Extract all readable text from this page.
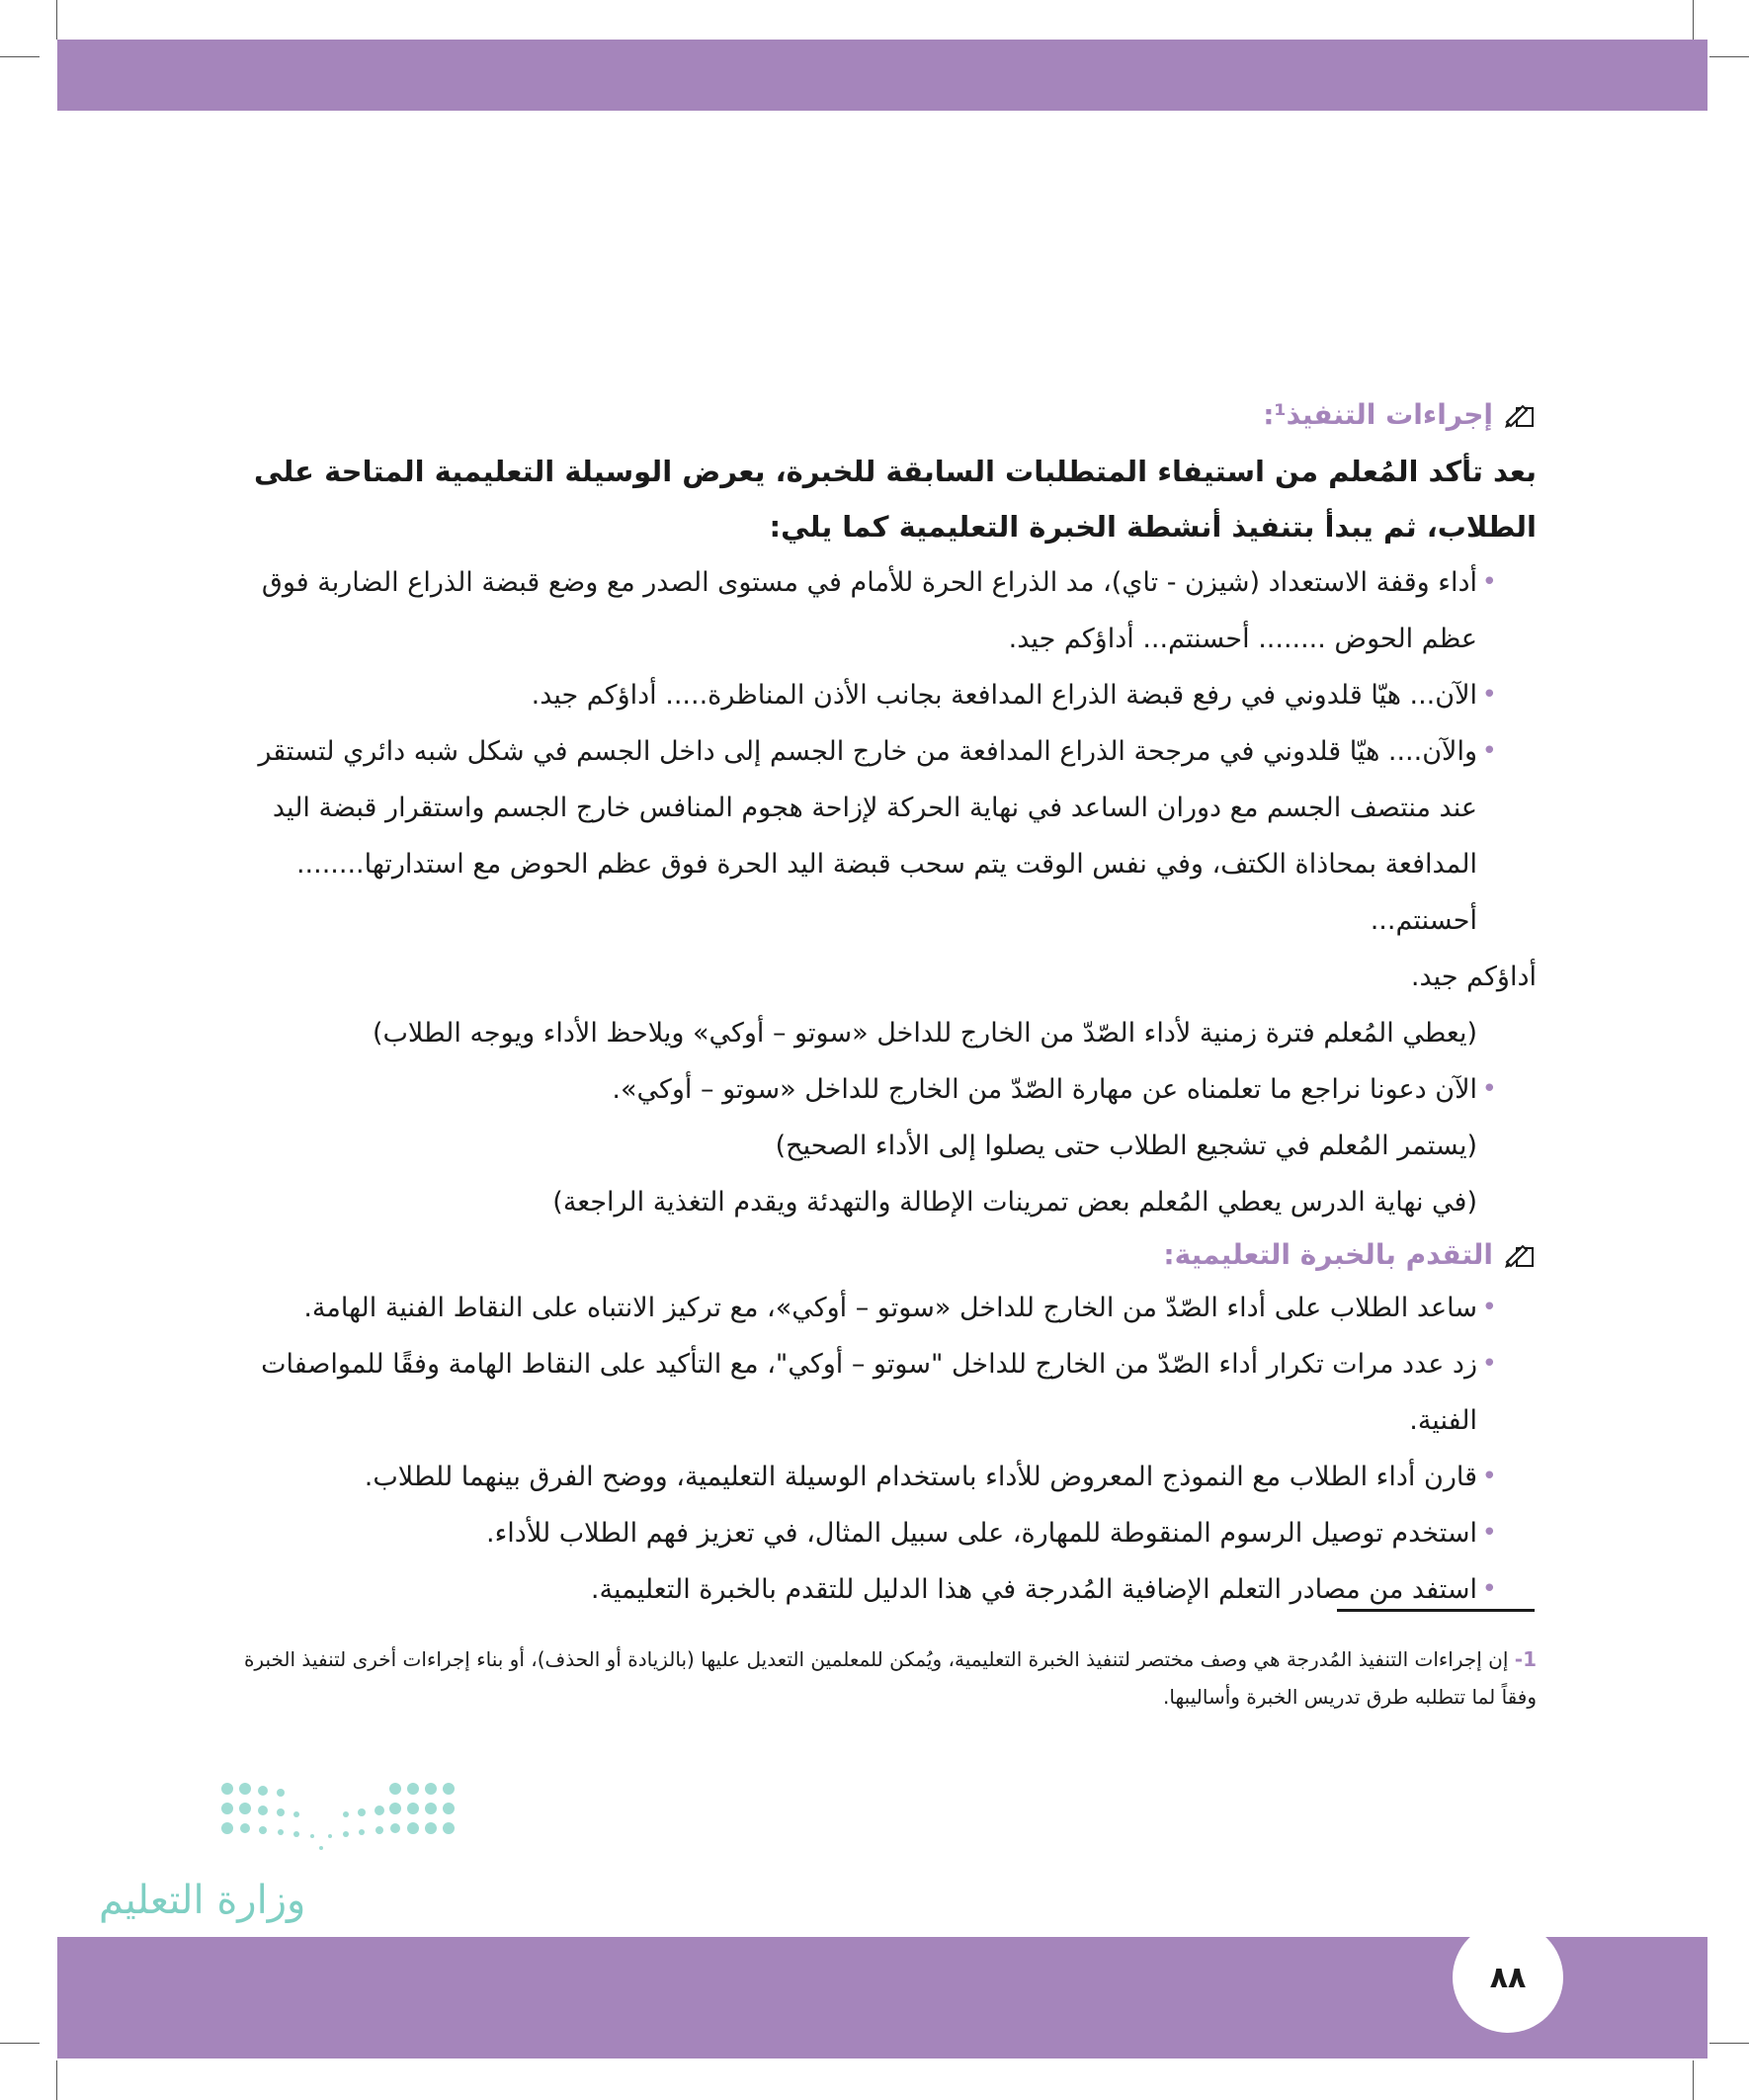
إجراءات التنفيذ¹:

بعد تأكد المُعلم من استيفاء المتطلبات السابقة للخبرة، يعرض الوسيلة التعليمية المتاحة على الطلاب، ثم يبدأ بتنفيذ أنشطة الخبرة التعليمية كما يلي:

• أداء وقفة الاستعداد (شيزن - تاي)، مد الذراع الحرة للأمام في مستوى الصدر مع وضع قبضة الذراع الضاربة فوق عظم الحوض ........ أحسنتم... أداؤكم جيد.
• الآن... هيّا قلدوني في رفع قبضة الذراع المدافعة بجانب الأذن المناظرة..... أداؤكم جيد.
• والآن.... هيّا قلدوني في مرجحة الذراع المدافعة من خارج الجسم إلى داخل الجسم في شكل شبه دائري لتستقر عند منتصف الجسم مع دوران الساعد في نهاية الحركة لإزاحة هجوم المنافس خارج الجسم واستقرار قبضة اليد المدافعة بمحاذاة الكتف، وفي نفس الوقت يتم سحب قبضة اليد الحرة فوق عظم الحوض مع استدارتها........ أحسنتم...
أداؤكم جيد.
(يعطي المُعلم فترة زمنية لأداء الصّدّ من الخارج للداخل «سوتو – أوكي» ويلاحظ الأداء ويوجه الطلاب)
• الآن دعونا نراجع ما تعلمناه عن مهارة الصّدّ من الخارج للداخل «سوتو – أوكي».
(يستمر المُعلم في تشجيع الطلاب حتى يصلوا إلى الأداء الصحيح)
(في نهاية الدرس يعطي المُعلم بعض تمرينات الإطالة والتهدئة ويقدم التغذية الراجعة)
التقدم بالخبرة التعليمية:
• ساعد الطلاب على أداء الصّدّ من الخارج للداخل «سوتو – أوكي»، مع تركيز الانتباه على النقاط الفنية الهامة.
• زد عدد مرات تكرار أداء الصّدّ من الخارج للداخل "سوتو – أوكي"، مع التأكيد على النقاط الهامة وفقًا للمواصفات الفنية.
• قارن أداء الطلاب مع النموذج المعروض للأداء باستخدام الوسيلة التعليمية، ووضح الفرق بينهما للطلاب.
• استخدم توصيل الرسوم المنقوطة للمهارة، على سبيل المثال، في تعزيز فهم الطلاب للأداء.
• استفد من مصادر التعلم الإضافية المُدرجة في هذا الدليل للتقدم بالخبرة التعليمية.
1- إن إجراءات التنفيذ المُدرجة هي وصف مختصر لتنفيذ الخبرة التعليمية، ويُمكن للمعلمين التعديل عليها (بالزيادة أو الحذف)، أو بناء إجراءات أخرى لتنفيذ الخبرة وفقاً لما تتطلبه طرق تدريس الخبرة وأساليبها.
وزارة التعليم
٨٨
